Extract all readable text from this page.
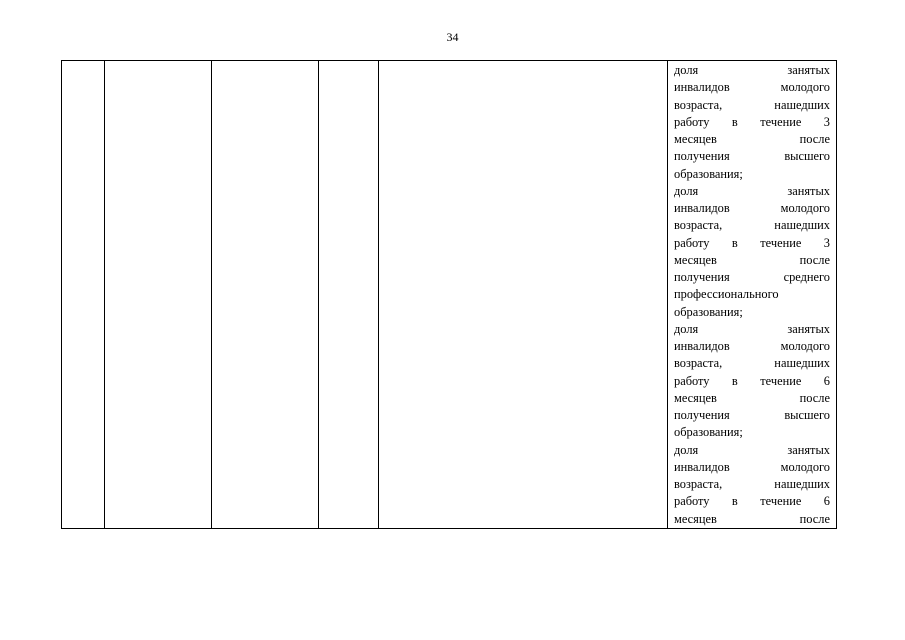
34

доля занятых
инвалидов молодого
возраста, нашедших
работу в течение 3
месяцев после
получения высшего
образования;
доля занятых
инвалидов молодого
возраста, нашедших
работу в течение 3
месяцев после
получения среднего
профессионального
образования;
доля занятых
инвалидов молодого
возраста, нашедших
работу в течение 6
месяцев после
получения высшего
образования;
доля занятых
инвалидов молодого
возраста, нашедших
работу в течение 6
месяцев после
